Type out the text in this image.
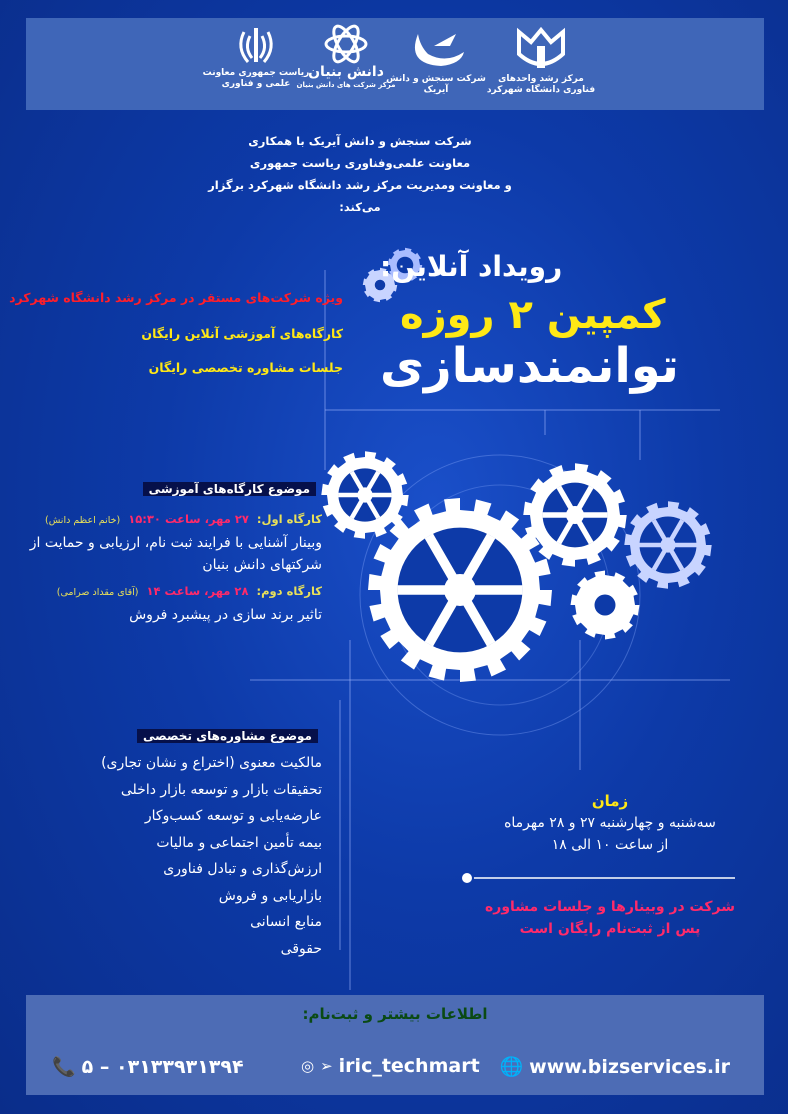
مرکز رشد واحدهای فناوری دانشگاه شهرکرد
شرکت سنجش و دانش آیریک
دانش بنیان
مرکز شرکت های دانش بنیان
ریاست جمهوری معاونت علمی و فناوری
شرکت سنجش و دانش آیریک با همکاری
معاونت علمی‌وفناوری ریاست جمهوری
و معاونت ومدیریت مرکز رشد دانشگاه شهرکرد برگزار می‌کند:
رویداد آنلاین:
کمپین ۲ روزه
توانمندسازی
ویژه شرکت‌های مستقر در مرکز رشد دانشگاه شهرکرد
کارگاه‌های آموزشی آنلاین رایگان
جلسات مشاوره تخصصی رایگان
موضوع کارگاه‌های آموزشی
کارگاه اول:  ۲۷ مهر، ساعت ۱۵:۳۰  (خانم اعظم دانش)
وبینار آشنایی با فرایند ثبت نام، ارزیابی و حمایت از شرکتهای دانش بنیان
کارگاه دوم:  ۲۸ مهر، ساعت ۱۴  (آقای مقداد صرامی)
تاثیر برند سازی در پیشبرد فروش
موضوع مشاوره‌های تخصصی
مالکیت معنوی (اختراع و نشان تجاری)
تحقیقات بازار و توسعه بازار داخلی
عارضه‌یابی و توسعه کسب‌وکار
بیمه تأمین اجتماعی و مالیات
ارزش‌گذاری و تبادل فناوری
بازاریابی و فروش
منابع انسانی
حقوقی
زمان
سه‌شنبه و چهارشنبه ۲۷ و ۲۸ مهرماه
از ساعت ۱۰ الی ۱۸
شرکت در وبینارها و جلسات مشاوره
پس از ثبت‌نام رایگان است
اطلاعات بیشتر و ثبت‌نام:
🌐 www.bizservices.ir
◎ ➢ iric_techmart
📞 ۰۳۱۳۳۹۳۱۳۹۴ – ۵
